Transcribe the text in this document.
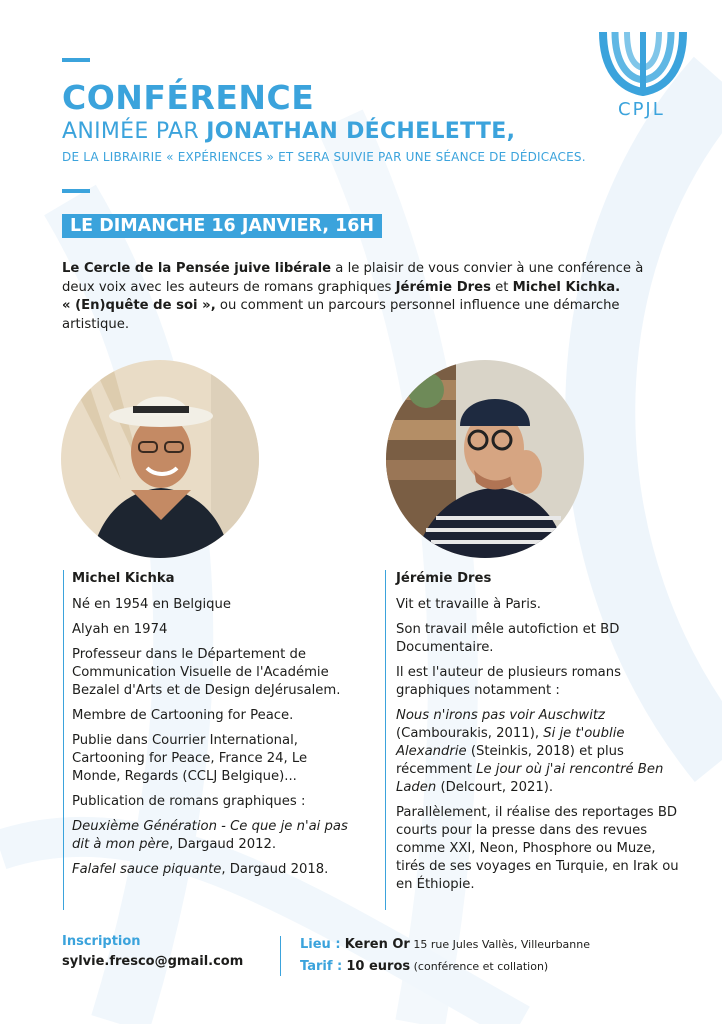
CPJL
CONFÉRENCE
ANIMÉE PAR JONATHAN DÉCHELETTE,
DE LA LIBRAIRIE « EXPÉRIENCES » ET SERA SUIVIE PAR UNE SÉANCE DE DÉDICACES.
LE DIMANCHE 16 JANVIER, 16H
Le Cercle de la Pensée juive libérale a le plaisir de vous convier à une conférence à deux voix avec les auteurs de romans graphiques Jérémie Dres et Michel Kichka.
« (En)quête de soi », ou comment un parcours personnel influence une démarche artistique.
Michel Kichka

Né en 1954 en Belgique

Alyah en 1974

Professeur dans le Département de Communication Visuelle de l'Académie Bezalel d'Arts et de Design deJérusalem.

Membre de Cartooning for Peace.

Publie dans Courrier International, Cartooning for Peace, France 24, Le Monde, Regards (CCLJ Belgique)...

Publication de romans graphiques :

Deuxième Génération - Ce que je n'ai pas dit à mon père, Dargaud 2012.

Falafel sauce piquante, Dargaud 2018.

Jérémie Dres

Vit et travaille à Paris.

Son travail mêle autofiction et BD Documentaire.

Il est l'auteur de plusieurs romans graphiques notamment :

Nous n'irons pas voir Auschwitz (Cambourakis, 2011), Si je t'oublie Alexandrie (Steinkis, 2018) et plus récemment Le jour où j'ai rencontré Ben Laden (Delcourt, 2021).

Parallèlement, il réalise des reportages BD courts pour la presse dans des revues comme XXI, Neon, Phosphore ou Muze, tirés de ses voyages en Turquie, en Irak ou en Éthiopie.

Inscription
sylvie.fresco@gmail.com
Lieu : Keren Or 15 rue Jules Vallès, Villeurbanne
Tarif : 10 euros (conférence et collation)
